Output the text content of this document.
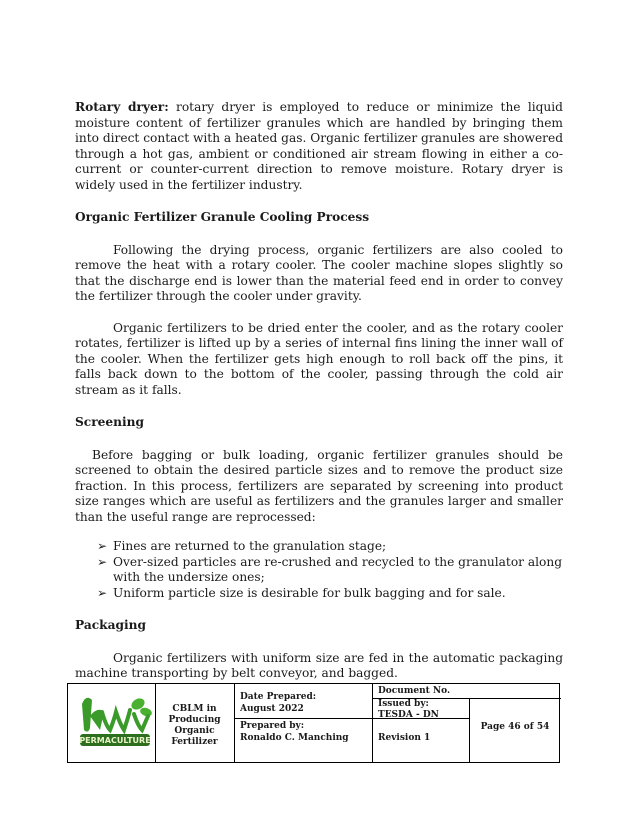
Rotary dryer: rotary dryer is employed to reduce or minimize the liquid moisture content of fertilizer granules which are handled by bringing them into direct contact with a heated gas. Organic fertilizer granules are showered through a hot gas, ambient or conditioned air stream flowing in either a co-current or counter-current direction to remove moisture. Rotary dryer is widely used in the fertilizer industry.

Organic Fertilizer Granule Cooling Process

Following the drying process, organic fertilizers are also cooled to remove the heat with a rotary cooler. The cooler machine slopes slightly so that the discharge end is lower than the material feed end in order to convey the fertilizer through the cooler under gravity.

Organic fertilizers to be dried enter the cooler, and as the rotary cooler rotates, fertilizer is lifted up by a series of internal fins lining the inner wall of the cooler. When the fertilizer gets high enough to roll back off the pins, it falls back down to the bottom of the cooler, passing through the cold air stream as it falls.

Screening

Before bagging or bulk loading, organic fertilizer granules should be screened to obtain the desired particle sizes and to remove the product size fraction. In this process, fertilizers are separated by screening into product size ranges which are useful as fertilizers and the granules larger and smaller than the useful range are reprocessed:

➢ Fines are returned to the granulation stage;
➢ Over-sized particles are re-crushed and recycled to the granulator along with the undersize ones;
➢ Uniform particle size is desirable for bulk bagging and for sale.

Packaging

Organic fertilizers with uniform size are fed in the automatic packaging machine transporting by belt conveyor, and bagged.

PERMACULTURE
CBLM in Producing Organic Fertilizer
Date Prepared:
August 2022
Prepared by:
Ronaldo C. Manching
Document No.
Issued by:
TESDA - DN
Revision 1
Page 46 of 54
